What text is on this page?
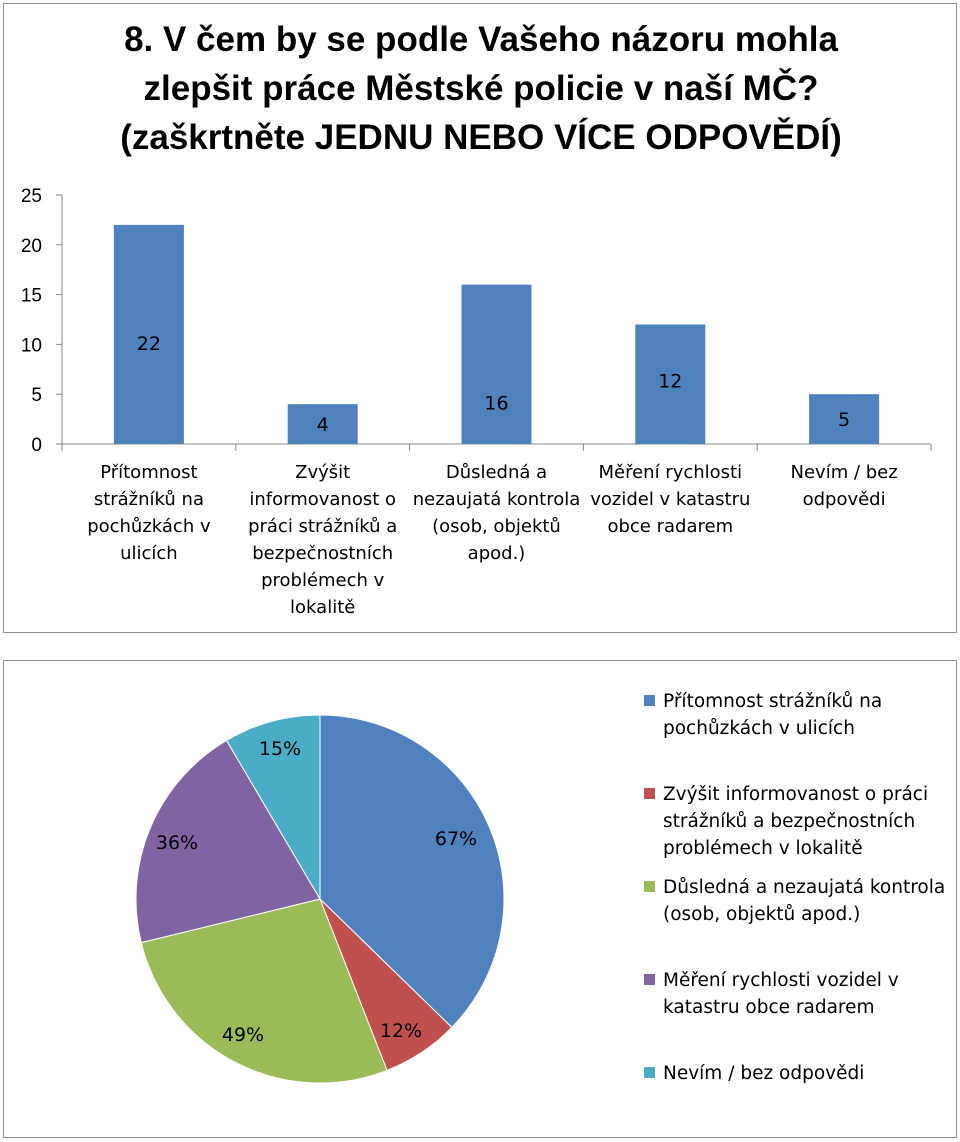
8. V čem by se podle Vašeho názoru mohla
zlepšit práce Městské policie v naší MČ?
(zaškrtněte JEDNU NEBO VÍCE ODPOVĚDÍ)
0
5
10
15
20
25
22
Přítomnost
strážníků na
pochůzkách v
ulicích
4
Zvýšit
informovanost o
práci strážníků a
bezpečnostních
problémech v
lokalitě
16
Důsledná a
nezaujatá kontrola
(osob, objektů
apod.)
12
Měření rychlosti
vozidel v katastru
obce radarem
5
Nevím / bez
odpovědi
67%
12%
49%
36%
15%
Přítomnost strážníků na
pochůzkách v ulicích
Zvýšit informovanost o práci
strážníků a bezpečnostních
problémech v lokalitě
Důsledná a nezaujatá kontrola
(osob, objektů apod.)
Měření rychlosti vozidel v
katastru obce radarem
Nevím / bez odpovědi
